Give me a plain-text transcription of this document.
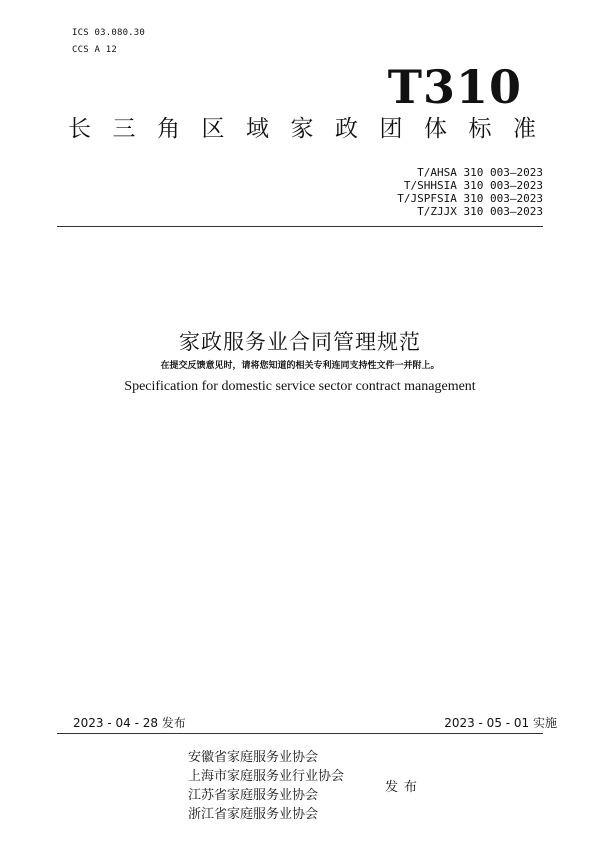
ICS 03.080.30
CCS A 12
T310
长 三 角 区 域 家 政 团 体 标 准
T/AHSA 310 003—2023
T/SHHSIA 310 003—2023
T/JSPFSIA 310 003—2023
T/ZJJX 310 003—2023
家政服务业合同管理规范
在提交反馈意见时，请将您知道的相关专利连同支持性文件一并附上。
Specification for domestic service sector contract management
2023 - 04 - 28 发布	2023 - 05 - 01 实施
安徽省家庭服务业协会
上海市家庭服务业行业协会
江苏省家庭服务业协会
浙江省家庭服务业协会
发布
